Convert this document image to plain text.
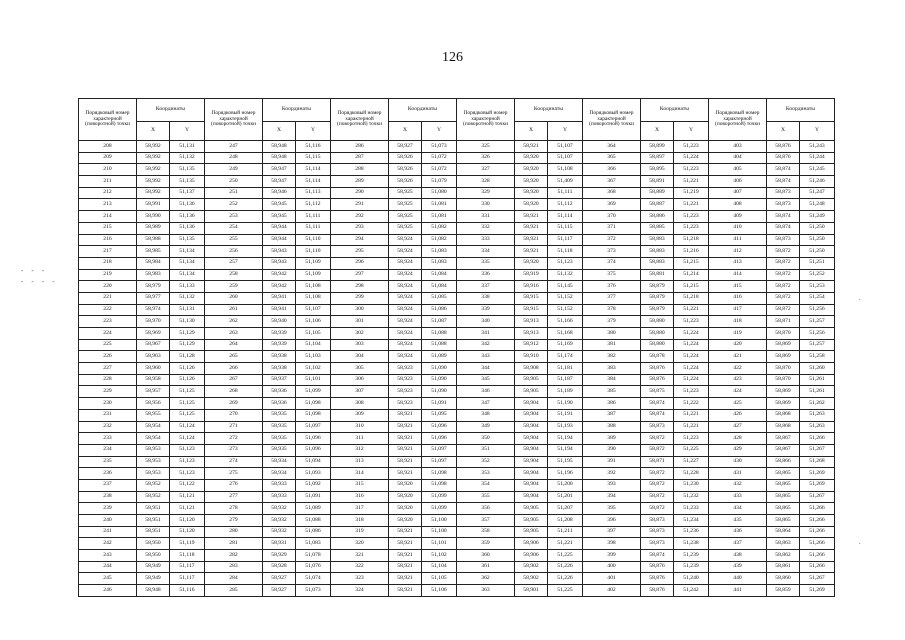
126
- - -
- - - -
·
·
Порядковый номер характерной (поворотной) точки	Координаты		Порядковый номер характерной (поворотной) точки	Координаты		Порядковый номер характерной (поворотной) точки	Координаты		Порядковый номер характерной (поворотной) точки	Координаты		Порядковый номер характерной (поворотной) точки	Координаты		Порядковый номер характерной (поворотной) точки	Координаты	
	X	Y		X	Y		X	Y		X	Y		X	Y		X	Y
208	58,992	51,131	247	58,948	51,116	286	58,927	51,073	325	58,921	51,107	364	58,899	51,223	403	58,876	51,243
209	58,992	51,132	248	58,948	51,115	287	58,926	51,072	326	58,920	51,107	365	58,897	51,224	404	58,876	51,244
210	58,992	51,135	249	58,947	51,114	288	58,926	51,072	327	58,920	51,108	366	58,895	51,223	405	58,874	51,245
211	58,992	51,135	250	58,947	51,114	289	58,926	51,079	328	58,920	51,409	367	58,891	51,221	406	58,874	51,246
212	58,992	51,137	251	58,946	51,113	290	58,925	51,080	329	58,920	51,111	368	58,889	51,219	407	58,873	51,247
213	58,991	51,136	252	58,945	51,112	291	58,925	51,081	330	58,920	51,112	369	58,887	51,221	408	58,873	51,248
214	58,990	51,136	253	58,945	51,111	292	58,925	51,081	331	58,921	51,114	370	58,886	51,223	409	58,874	51,249
215	58,989	51,136	254	58,944	51,111	293	58,925	51,082	332	58,921	51,115	371	58,885	51,223	410	58,874	51,250
216	58,988	51,135	255	58,944	51,110	294	58,924	51,082	333	58,921	51,117	372	58,883	51,218	411	58,873	51,250
217	58,985	51,134	256	58,943	51,110	295	58,924	51,083	334	58,921	51,118	373	58,883	51,216	412	58,872	51,250
218	58,984	51,134	257	58,943	51,109	296	58,924	51,083	335	58,920	51,123	374	58,883	51,215	413	58,872	51,251
219	58,983	51,134	258	58,942	51,109	297	58,924	51,084	336	58,919	51,132	375	58,881	51,214	414	58,872	51,252
220	58,979	51,133	259	58,942	51,108	298	58,924	51,084	337	58,916	51,145	376	58,879	51,215	415	58,872	51,253
221	58,977	51,132	260	58,941	51,108	299	58,924	51,085	338	58,915	51,152	377	58,879	51,218	416	58,872	51,254
222	58,974	51,131	261	58,941	51,107	300	58,924	51,086	339	58,915	51,152	378	58,879	51,221	417	58,872	51,256
223	58,970	51,130	262	58,940	51,106	301	58,924	51,087	340	58,913	51,166	379	58,880	51,223	418	58,871	51,257
224	58,969	51,129	263	58,939	51,105	302	58,924	51,088	341	58,913	51,168	380	58,880	51,224	419	58,870	51,256
225	58,967	51,129	264	58,939	51,104	303	58,924	51,088	342	58,912	51,169	381	58,880	51,224	420	58,869	51,257
226	58,963	51,128	265	58,938	51,103	304	58,924	51,089	343	58,910	51,174	382	58,878	51,224	421	58,869	51,258
227	58,960	51,126	266	58,938	51,102	305	58,923	51,090	344	58,908	51,181	383	58,876	51,224	422	58,870	51,260
228	58,958	51,126	267	58,937	51,101	306	58,923	51,090	345	58,905	51,187	384	58,876	51,224	423	58,870	51,261
229	58,957	51,125	268	58,936	51,099	307	58,923	51,090	346	58,905	51,189	385	58,875	51,223	424	58,869	51,261
230	58,956	51,125	269	58,936	51,098	308	58,923	51,091	347	58,904	51,190	386	58,874	51,222	425	58,869	51,262
231	58,955	51,125	270	58,935	51,098	309	58,921	51,095	348	58,904	51,191	387	58,874	51,221	426	58,868	51,263
232	58,954	51,124	271	58,935	51,097	310	58,921	51,096	349	58,904	51,193	388	58,873	51,221	427	58,868	51,263
233	58,954	51,124	272	58,935	51,096	311	58,921	51,096	350	58,904	51,194	389	58,872	51,223	428	58,867	51,266
234	58,953	51,123	273	58,935	51,096	312	58,921	51,097	351	58,904	51,194	390	58,872	51,225	429	58,867	51,267
235	58,953	51,123	274	58,934	51,094	313	58,921	51,097	352	58,904	51,195	391	58,871	51,227	430	58,866	51,268
236	58,953	51,123	275	58,934	51,093	314	58,921	51,098	353	58,904	51,196	392	58,872	51,228	431	58,865	51,269
237	58,952	51,122	276	58,933	51,092	315	58,920	51,098	354	58,904	51,200	393	58,872	51,230	432	58,865	51,269
238	58,952	51,121	277	58,933	51,091	316	58,920	51,099	355	58,904	51,201	394	58,872	51,232	433	58,865	51,267
239	58,951	51,121	278	58,932	51,089	317	58,920	51,099	356	58,905	51,207	395	58,872	51,233	434	58,865	51,266
240	58,951	51,120	279	58,932	51,088	318	58,920	51,100	357	58,905	51,208	396	58,873	51,234	435	58,865	51,266
241	58,951	51,120	280	58,932	51,086	319	58,921	51,100	358	58,905	51,211	397	58,873	51,236	436	58,864	51,266
242	58,950	51,119	281	58,931	51,083	320	58,921	51,101	359	58,906	51,221	398	58,873	51,238	437	58,863	51,266
243	58,950	51,118	282	58,929	51,078	321	58,921	51,102	360	58,906	51,225	399	58,874	51,239	438	58,862	51,266
244	58,949	51,117	283	58,928	51,076	322	58,921	51,104	361	58,902	51,226	400	58,876	51,239	439	58,861	51,266
245	58,949	51,117	284	58,927	51,074	323	58,921	51,105	362	58,902	51,226	401	58,876	51,240	440	58,860	51,267
246	58,948	51,116	285	58,927	51,073	324	58,921	51,106	363	58,901	51,225	402	58,876	51,242	441	58,859	51,269
